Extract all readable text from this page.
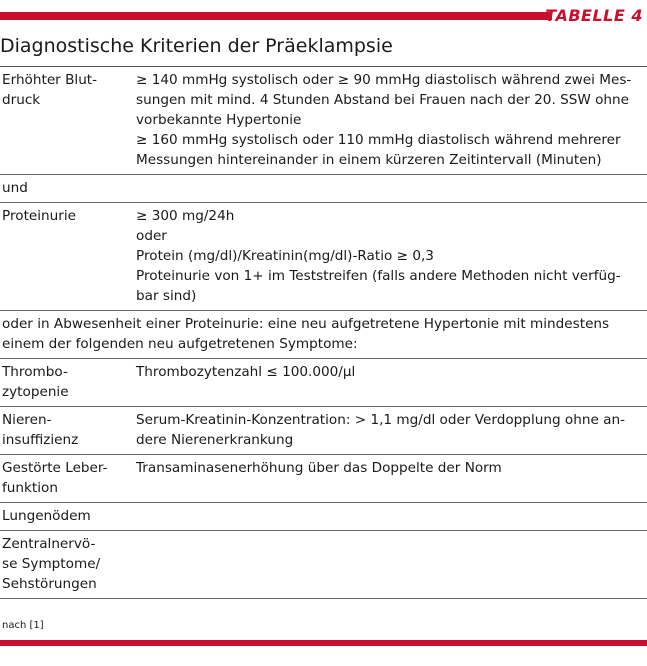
TABELLE 4
Diagnostische Kriterien der Präeklampsie
Erhöhter Blut-
druck
≥ 140 mmHg systolisch oder ≥ 90 mmHg diastolisch während zwei Mes-
sungen mit mind. 4 Stunden Abstand bei Frauen nach der 20. SSW ohne
vorbekannte Hypertonie
≥ 160 mmHg systolisch oder 110 mmHg diastolisch während mehrerer
Messungen hintereinander in einem kürzeren Zeitintervall (Minuten)
und
Proteinurie	≥ 300 mg/24h
oder
Protein (mg/dl)/Kreatinin(mg/dl)-Ratio ≥ 0,3
Proteinurie von 1+ im Teststreifen (falls andere Methoden nicht verfüg-
bar sind)
oder in Abwesenheit einer Proteinurie: eine neu aufgetretene Hypertonie mit mindestens
einem der folgenden neu aufgetretenen Symptome:
Thrombo-
zytopenie
Thrombozytenzahl ≤ 100.000/µl
Nieren-
insuffizienz
Serum-Kreatinin-Konzentration: > 1,1 mg/dl oder Verdopplung ohne an-
dere Nierenerkrankung
Gestörte Leber-
funktion
Transaminasenerhöhung über das Doppelte der Norm
Lungenödem
Zentralnervö-
se Symptome/
Sehstörungen
nach [1]
